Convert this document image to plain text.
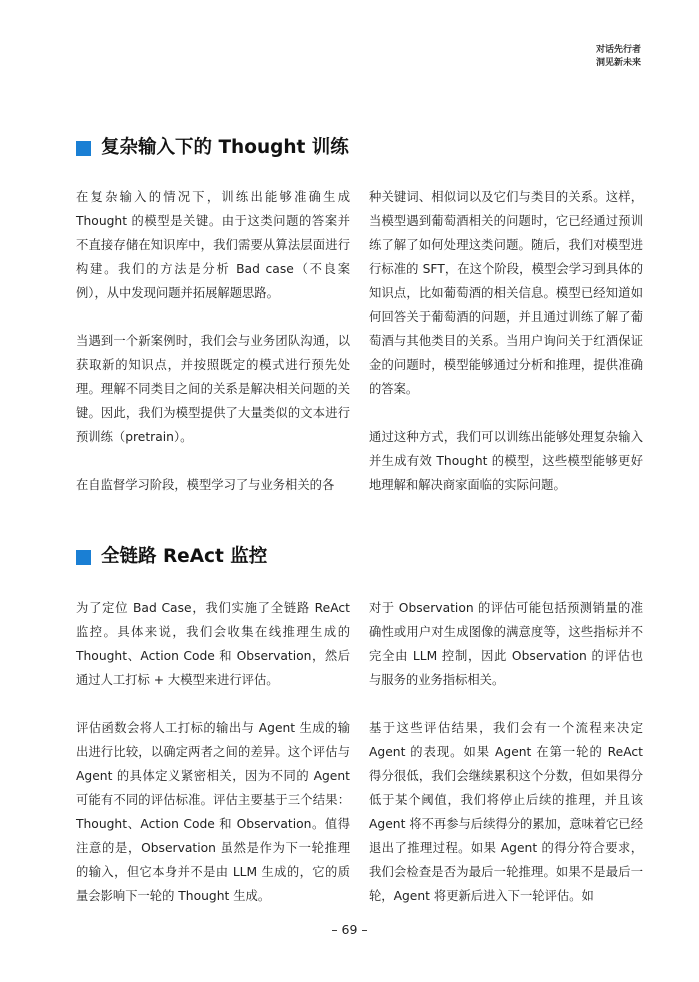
对话先行者
洞见新未来
复杂输入下的 Thought 训练

在复杂输入的情况下，训练出能够准确生成 Thought 的模型是关键。由于这类问题的答案并不直接存储在知识库中，我们需要从算法层面进行构建。我们的方法是分析 Bad case（不良案例），从中发现问题并拓展解题思路。

当遇到一个新案例时，我们会与业务团队沟通，以获取新的知识点，并按照既定的模式进行预先处理。理解不同类目之间的关系是解决相关问题的关键。因此，我们为模型提供了大量类似的文本进行预训练（pretrain）。

在自监督学习阶段，模型学习了与业务相关的各

种关键词、相似词以及它们与类目的关系。这样，当模型遇到葡萄酒相关的问题时，它已经通过预训练了解了如何处理这类问题。随后，我们对模型进行标准的 SFT，在这个阶段，模型会学习到具体的知识点，比如葡萄酒的相关信息。模型已经知道如何回答关于葡萄酒的问题，并且通过训练了解了葡萄酒与其他类目的关系。当用户询问关于红酒保证金的问题时，模型能够通过分析和推理，提供准确的答案。

通过这种方式，我们可以训练出能够处理复杂输入并生成有效 Thought 的模型，这些模型能够更好地理解和解决商家面临的实际问题。

全链路 ReAct 监控

为了定位 Bad Case，我们实施了全链路 ReAct 监控。具体来说，我们会收集在线推理生成的 Thought、Action Code 和 Observation，然后通过人工打标 + 大模型来进行评估。

评估函数会将人工打标的输出与 Agent 生成的输出进行比较，以确定两者之间的差异。这个评估与 Agent 的具体定义紧密相关，因为不同的 Agent 可能有不同的评估标准。评估主要基于三个结果：Thought、Action Code 和 Observation。值得注意的是，Observation 虽然是作为下一轮推理的输入，但它本身并不是由 LLM 生成的，它的质量会影响下一轮的 Thought 生成。

对于 Observation 的评估可能包括预测销量的准确性或用户对生成图像的满意度等，这些指标并不完全由 LLM 控制，因此 Observation 的评估也与服务的业务指标相关。

基于这些评估结果，我们会有一个流程来决定 Agent 的表现。如果 Agent 在第一轮的 ReAct 得分很低，我们会继续累积这个分数，但如果得分低于某个阈值，我们将停止后续的推理，并且该 Agent 将不再参与后续得分的累加，意味着它已经退出了推理过程。如果 Agent 的得分符合要求，我们会检查是否为最后一轮推理。如果不是最后一轮，Agent 将更新后进入下一轮评估。如

– 69 –
